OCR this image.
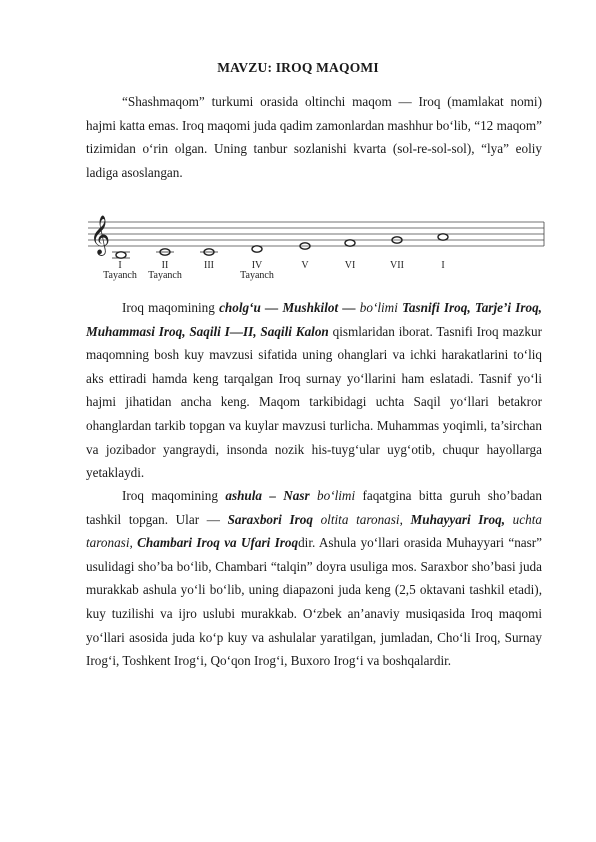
MAVZU: IROQ MAQOMI

“Shashmaqom” turkumi orasida oltinchi maqom — Iroq (mamlakat nomi) hajmi katta emas. Iroq maqomi juda qadim zamonlardan mashhur bo‘lib, “12 maqom” tizimidan o‘rin olgan. Uning tanbur sozlanishi kvarta (sol-re-sol-sol), “lya” eoliy ladiga asoslangan.

𝄞
I	II	III	IV	V	VI	VII	I
Tayanch Tayanch	Tayanch

Iroq maqomining cholg‘u — Mushkilot — bo‘limi Tasnifi Iroq, Tarje’i Iroq, Muhammasi Iroq, Saqili I—II, Saqili Kalon qismlaridan iborat. Tasnifi Iroq mazkur maqomning bosh kuy mavzusi sifatida uning ohanglari va ichki harakatlarini to‘liq aks ettiradi hamda keng tarqalgan Iroq surnay yo‘llarini ham eslatadi. Tasnif yo‘li hajmi jihatidan ancha keng. Maqom tarkibidagi uchta Saqil yo‘llari betakror ohanglardan tarkib topgan va kuylar mavzusi turlicha. Muhammas yoqimli, ta’sirchan va jozibador yangraydi, insonda nozik his-tuyg‘ular uyg‘otib, chuqur hayollarga yetaklaydi.

Iroq maqomining ashula – Nasr bo‘limi faqatgina bitta guruh sho’badan tashkil topgan. Ular — Saraxbori Iroq oltita taronasi, Muhayyari Iroq, uchta taronasi, Chambari Iroq va Ufari Iroqdir. Ashula yo‘llari orasida Muhayyari “nasr” usulidagi sho’ba bo‘lib, Chambari “talqin” doyra usuliga mos. Saraxbor sho’basi juda murakkab ashula yo‘li bo‘lib, uning diapazoni juda keng (2,5 oktavani tashkil etadi), kuy tuzilishi va ijro uslubi murakkab. O‘zbek an’anaviy musiqasida Iroq maqomi yo‘llari asosida juda ko‘p kuy va ashulalar yaratilgan, jumladan, Cho‘li Iroq, Surnay Irog‘i, Toshkent Irog‘i, Qo‘qon Irog‘i, Buxoro Irog‘i va boshqalardir.
